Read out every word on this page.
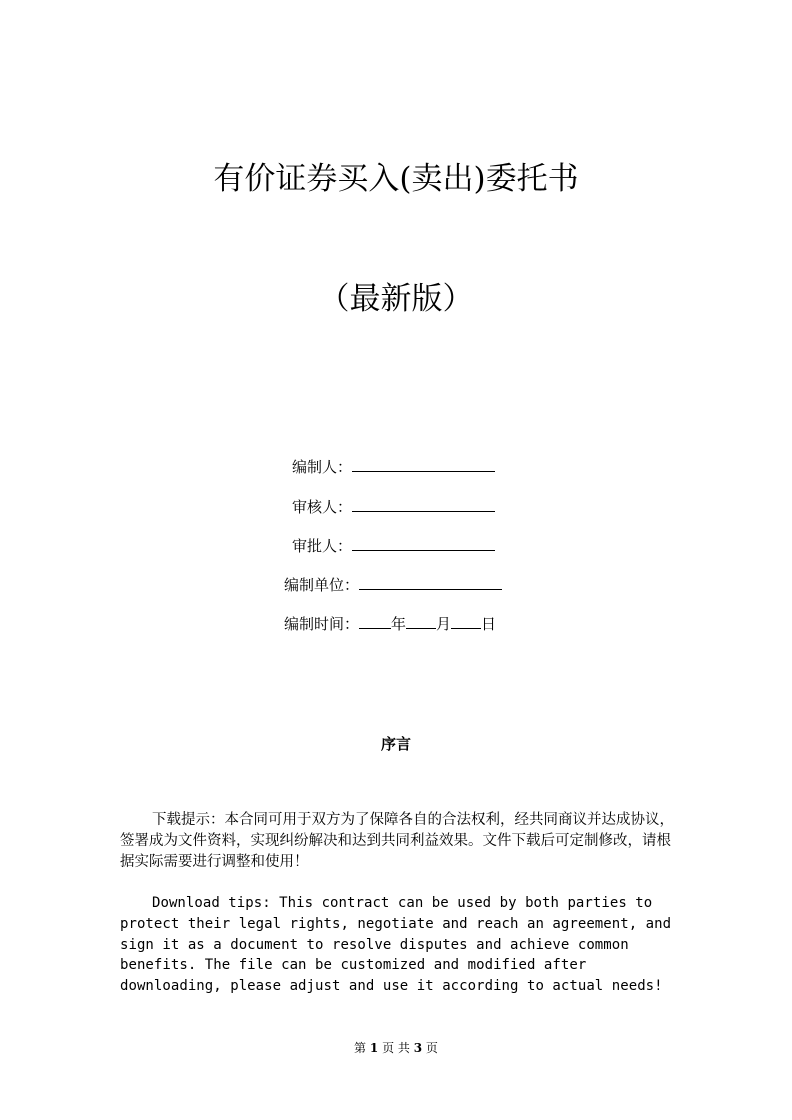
有价证券买入(卖出)委托书
（最新版）
编制人：
审核人：
审批人：
编制单位：
编制时间： 年 月 日
序言
下载提示：本合同可用于双方为了保障各自的合法权利，经共同商议并达成协议，签署成为文件资料，实现纠纷解决和达到共同利益效果。文件下载后可定制修改，请根据实际需要进行调整和使用！
Download tips: This contract can be used by both parties to protect their legal rights, negotiate and reach an agreement, and sign it as a document to resolve disputes and achieve common benefits. The file can be customized and modified after downloading, please adjust and use it according to actual needs!
第 1 页 共 3 页
